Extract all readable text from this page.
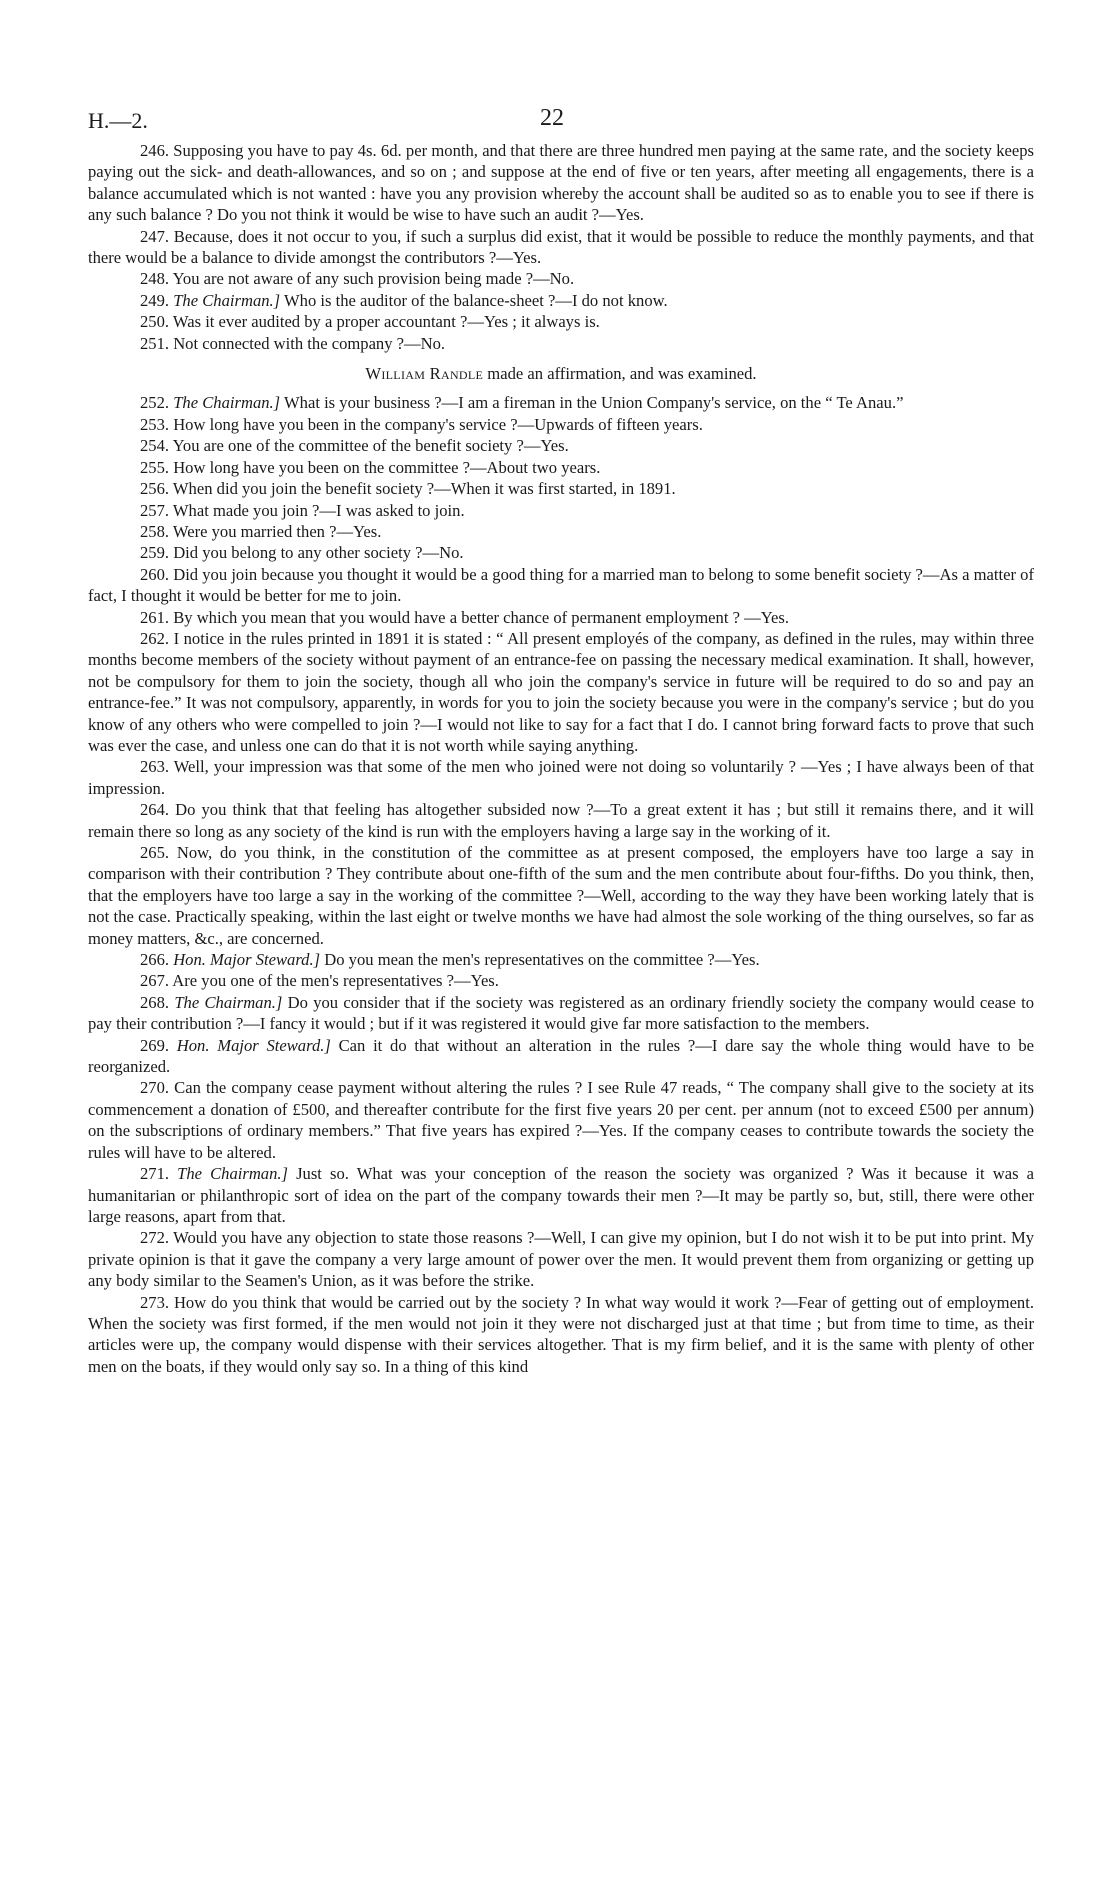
H.—2.	22

246. Supposing you have to pay 4s. 6d. per month, and that there are three hundred men paying at the same rate, and the society keeps paying out the sick- and death-allowances, and so on ; and suppose at the end of five or ten years, after meeting all engagements, there is a balance accumulated which is not wanted : have you any provision whereby the account shall be audited so as to enable you to see if there is any such balance ? Do you not think it would be wise to have such an audit ?—Yes.

247. Because, does it not occur to you, if such a surplus did exist, that it would be possible to reduce the monthly payments, and that there would be a balance to divide amongst the contributors ?—Yes.

248. You are not aware of any such provision being made ?—No.

249. The Chairman.] Who is the auditor of the balance-sheet ?—I do not know.

250. Was it ever audited by a proper accountant ?—Yes ; it always is.

251. Not connected with the company ?—No.

William Randle made an affirmation, and was examined.

252. The Chairman.] What is your business ?—I am a fireman in the Union Company's service, on the “ Te Anau.”

253. How long have you been in the company's service ?—Upwards of fifteen years.

254. You are one of the committee of the benefit society ?—Yes.

255. How long have you been on the committee ?—About two years.

256. When did you join the benefit society ?—When it was first started, in 1891.

257. What made you join ?—I was asked to join.

258. Were you married then ?—Yes.

259. Did you belong to any other society ?—No.

260. Did you join because you thought it would be a good thing for a married man to belong to some benefit society ?—As a matter of fact, I thought it would be better for me to join.

261. By which you mean that you would have a better chance of permanent employment ? —Yes.

262. I notice in the rules printed in 1891 it is stated : “ All present employés of the company, as defined in the rules, may within three months become members of the society without payment of an entrance-fee on passing the necessary medical examination. It shall, however, not be compulsory for them to join the society, though all who join the company's service in future will be required to do so and pay an entrance-fee.” It was not compulsory, apparently, in words for you to join the society because you were in the company's service ; but do you know of any others who were compelled to join ?—I would not like to say for a fact that I do. I cannot bring forward facts to prove that such was ever the case, and unless one can do that it is not worth while saying anything.

263. Well, your impression was that some of the men who joined were not doing so voluntarily ? —Yes ; I have always been of that impression.

264. Do you think that that feeling has altogether subsided now ?—To a great extent it has ; but still it remains there, and it will remain there so long as any society of the kind is run with the employers having a large say in the working of it.

265. Now, do you think, in the constitution of the committee as at present composed, the employers have too large a say in comparison with their contribution ? They contribute about one-fifth of the sum and the men contribute about four-fifths. Do you think, then, that the employers have too large a say in the working of the committee ?—Well, according to the way they have been working lately that is not the case. Practically speaking, within the last eight or twelve months we have had almost the sole working of the thing ourselves, so far as money matters, &c., are concerned.

266. Hon. Major Steward.] Do you mean the men's representatives on the committee ?—Yes.

267. Are you one of the men's representatives ?—Yes.

268. The Chairman.] Do you consider that if the society was registered as an ordinary friendly society the company would cease to pay their contribution ?—I fancy it would ; but if it was registered it would give far more satisfaction to the members.

269. Hon. Major Steward.] Can it do that without an alteration in the rules ?—I dare say the whole thing would have to be reorganized.

270. Can the company cease payment without altering the rules ? I see Rule 47 reads, “ The company shall give to the society at its commencement a donation of £500, and thereafter contribute for the first five years 20 per cent. per annum (not to exceed £500 per annum) on the subscriptions of ordinary members.” That five years has expired ?—Yes. If the company ceases to contribute towards the society the rules will have to be altered.

271. The Chairman.] Just so. What was your conception of the reason the society was organized ? Was it because it was a humanitarian or philanthropic sort of idea on the part of the company towards their men ?—It may be partly so, but, still, there were other large reasons, apart from that.

272. Would you have any objection to state those reasons ?—Well, I can give my opinion, but I do not wish it to be put into print. My private opinion is that it gave the company a very large amount of power over the men. It would prevent them from organizing or getting up any body similar to the Seamen's Union, as it was before the strike.

273. How do you think that would be carried out by the society ? In what way would it work ?—Fear of getting out of employment. When the society was first formed, if the men would not join it they were not discharged just at that time ; but from time to time, as their articles were up, the company would dispense with their services altogether. That is my firm belief, and it is the same with plenty of other men on the boats, if they would only say so. In a thing of this kind
